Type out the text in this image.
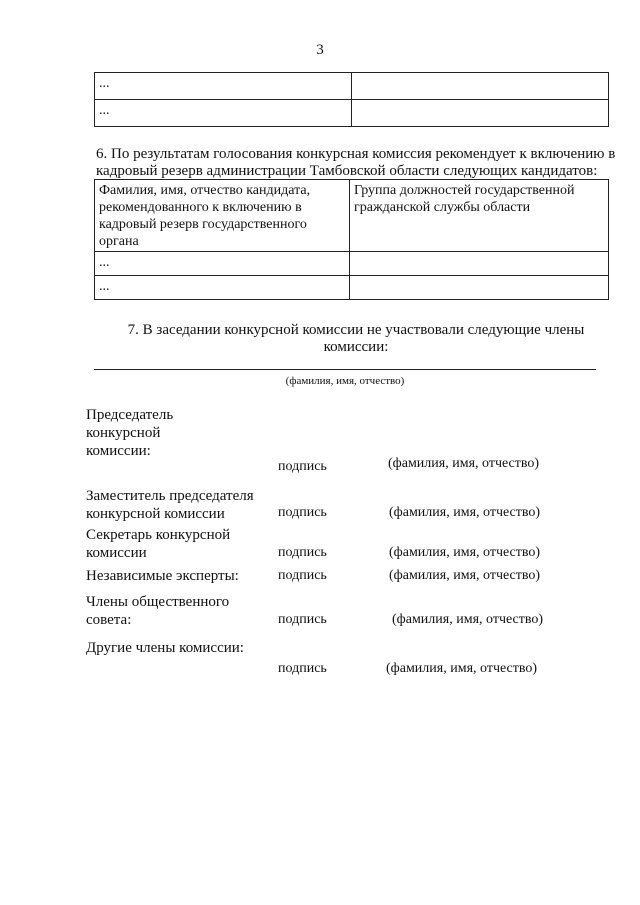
3
...	
...	
6. По результатам голосования конкурсная комиссия рекомендует к включению в кадровый резерв администрации Тамбовской области следующих кандидатов:
Фамилия, имя, отчество кандидата, рекомендованного к включению в кадровый резерв государственного органа	Группа должностей государственной гражданской службы области
...	
...	
7. В заседании конкурсной комиссии не участвовали следующие члены комиссии:
(фамилия, имя, отчество)
Председатель конкурсной комиссии:
подпись	(фамилия, имя, отчество)
Заместитель председателя конкурсной комиссии	подпись	(фамилия, имя, отчество)
Секретарь конкурсной комиссии	подпись	(фамилия, имя, отчество)
Независимые эксперты:	подпись	(фамилия, имя, отчество)
Члены общественного совета:	подпись	(фамилия, имя, отчество)
Другие члены комиссии:
подпись	(фамилия, имя, отчество)
